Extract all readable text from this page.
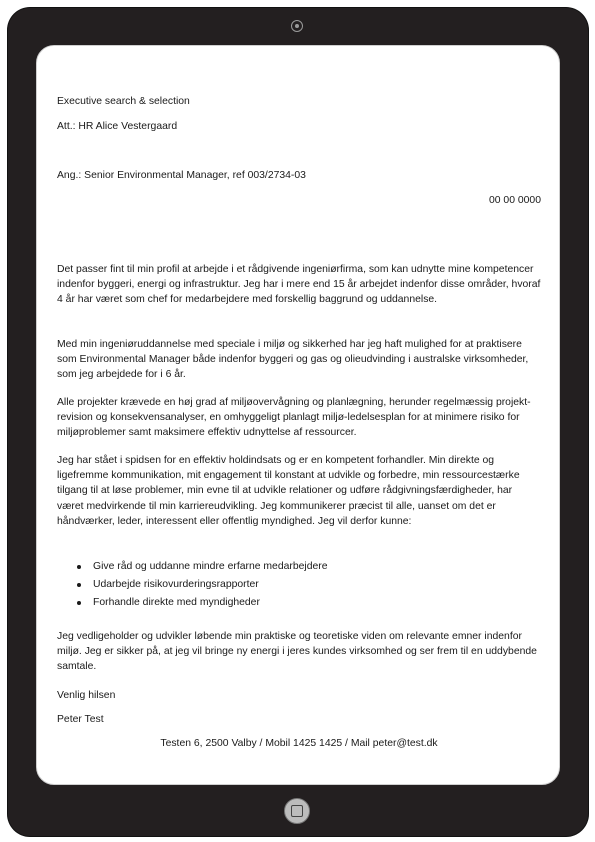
Executive search & selection
Att.: HR Alice Vestergaard
Ang.: Senior Environmental Manager, ref 003/2734-03
00 00 0000

Det passer fint til min profil at arbejde i et rådgivende ingeniørfirma, som kan udnytte mine kompetencer indenfor byggeri, energi og infrastruktur. Jeg har i mere end 15 år arbejdet indenfor disse områder, hvoraf 4 år har været som chef for medarbejdere med forskellig baggrund og uddannelse.

Med min ingeniøruddannelse med speciale i miljø og sikkerhed har jeg haft mulighed for at praktisere som Environmental Manager både indenfor byggeri og gas og olieudvinding i australske virksomheder, som jeg arbejdede for i 6 år.

Alle projekter krævede en høj grad af miljøovervågning og planlægning, herunder regelmæssig projekt-revision og konsekvensanalyser, en omhyggeligt planlagt miljø-ledelsesplan for at minimere risiko for miljøproblemer samt maksimere effektiv udnyttelse af ressourcer.

Jeg har stået i spidsen for en effektiv holdindsats og er en kompetent forhandler. Min direkte og ligefremme kommunikation, mit engagement til konstant at udvikle og forbedre, min ressourcestærke tilgang til at løse problemer, min evne til at udvikle relationer og udføre rådgivningsfærdigheder, har været medvirkende til min karriereudvikling. Jeg kommunikerer præcist til alle, uanset om det er håndværker, leder, interessent eller offentlig myndighed. Jeg vil derfor kunne:

Give råd og uddanne mindre erfarne medarbejdere
Udarbejde risikovurderingsrapporter
Forhandle direkte med myndigheder

Jeg vedligeholder og udvikler løbende min praktiske og teoretiske viden om relevante emner indenfor miljø. Jeg er sikker på, at jeg vil bringe ny energi i jeres kundes virksomhed og ser frem til en uddybende samtale.

Venlig hilsen
Peter Test
Testen 6, 2500 Valby / Mobil 1425 1425 / Mail peter@test.dk
